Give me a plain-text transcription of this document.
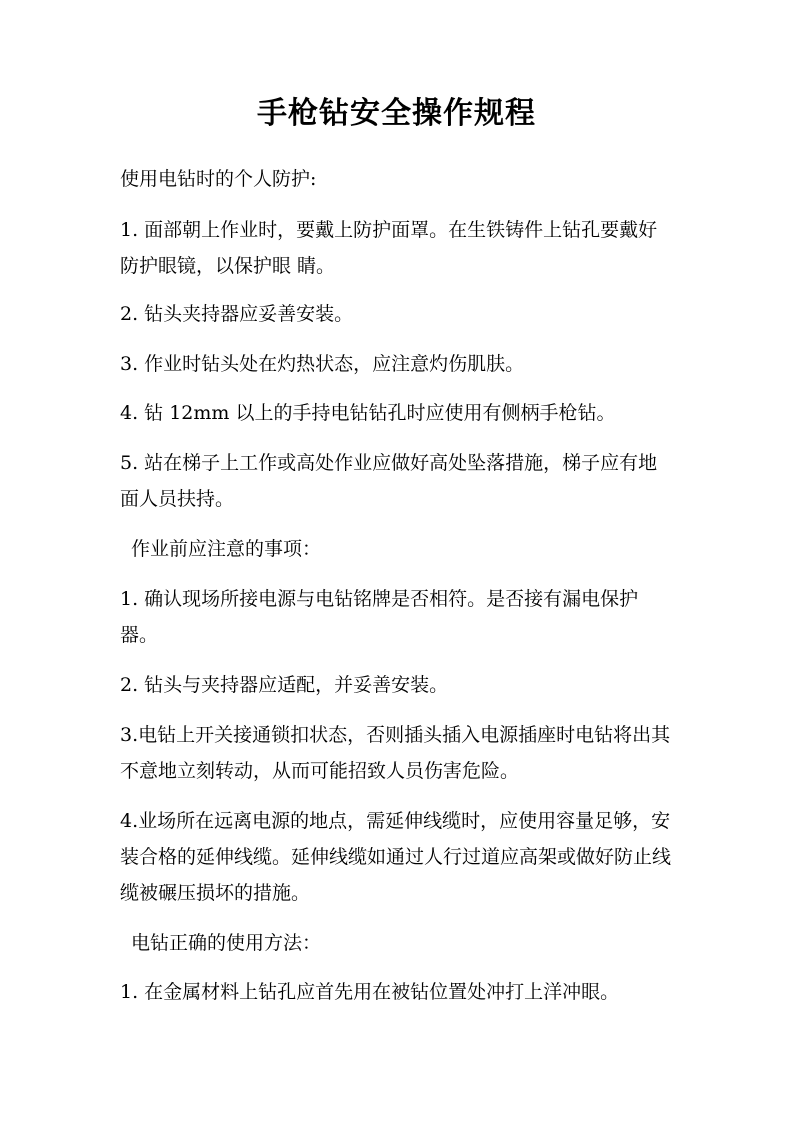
手枪钻安全操作规程
使用电钻时的个人防护:
1. 面部朝上作业时，要戴上防护面罩。在生铁铸件上钻孔要戴好
防护眼镜，以保护眼 睛。
2. 钻头夹持器应妥善安装。
3. 作业时钻头处在灼热状态，应注意灼伤肌肤。
4. 钻 12mm 以上的手持电钻钻孔时应使用有侧柄手枪钻。
5. 站在梯子上工作或高处作业应做好高处坠落措施，梯子应有地
面人员扶持。
作业前应注意的事项：
1. 确认现场所接电源与电钻铭牌是否相符。是否接有漏电保护
器。
2. 钻头与夹持器应适配，并妥善安装。
3.电钻上开关接通锁扣状态，否则插头插入电源插座时电钻将出其
不意地立刻转动，从而可能招致人员伤害危险。
4.业场所在远离电源的地点，需延伸线缆时，应使用容量足够，安
装合格的延伸线缆。延伸线缆如通过人行过道应高架或做好防止线
缆被碾压损坏的措施。
电钻正确的使用方法：
1. 在金属材料上钻孔应首先用在被钻位置处冲打上洋冲眼。
